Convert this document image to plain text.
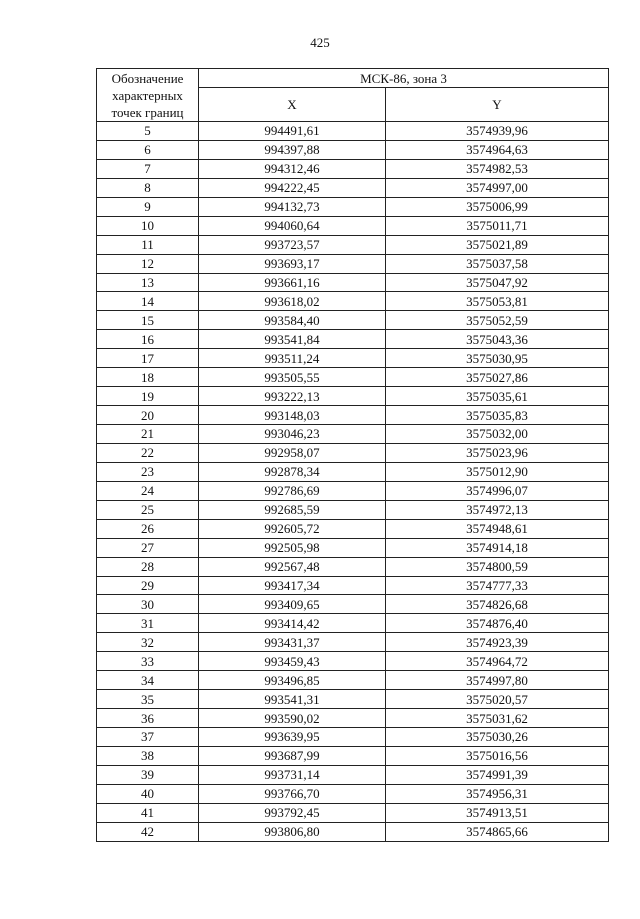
425
Обозначение характерных точек границ	МСК-86, зона 3	
	X	Y
5	994491,61	3574939,96
6	994397,88	3574964,63
7	994312,46	3574982,53
8	994222,45	3574997,00
9	994132,73	3575006,99
10	994060,64	3575011,71
11	993723,57	3575021,89
12	993693,17	3575037,58
13	993661,16	3575047,92
14	993618,02	3575053,81
15	993584,40	3575052,59
16	993541,84	3575043,36
17	993511,24	3575030,95
18	993505,55	3575027,86
19	993222,13	3575035,61
20	993148,03	3575035,83
21	993046,23	3575032,00
22	992958,07	3575023,96
23	992878,34	3575012,90
24	992786,69	3574996,07
25	992685,59	3574972,13
26	992605,72	3574948,61
27	992505,98	3574914,18
28	992567,48	3574800,59
29	993417,34	3574777,33
30	993409,65	3574826,68
31	993414,42	3574876,40
32	993431,37	3574923,39
33	993459,43	3574964,72
34	993496,85	3574997,80
35	993541,31	3575020,57
36	993590,02	3575031,62
37	993639,95	3575030,26
38	993687,99	3575016,56
39	993731,14	3574991,39
40	993766,70	3574956,31
41	993792,45	3574913,51
42	993806,80	3574865,66
